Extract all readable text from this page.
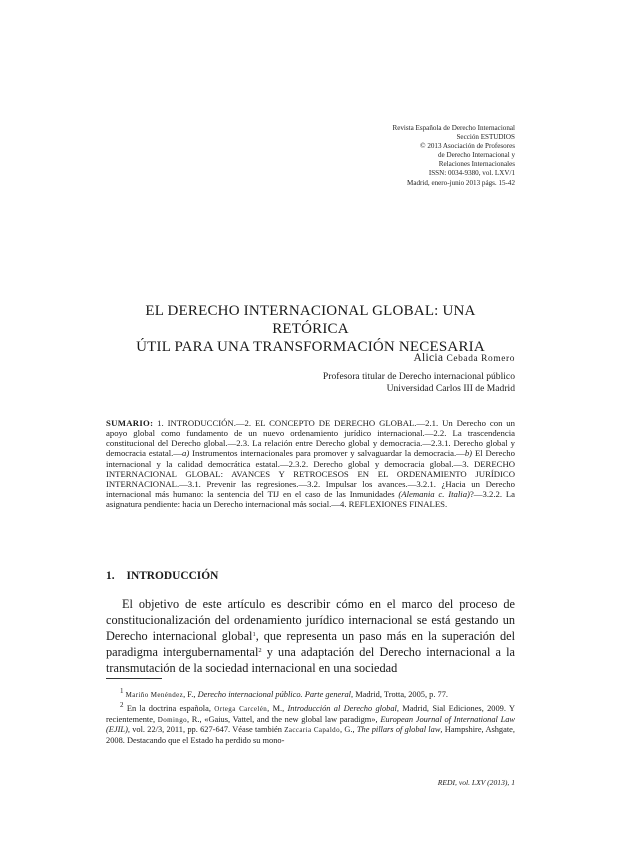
Revista Española de Derecho Internacional
Sección ESTUDIOS
© 2013 Asociación de Profesores
de Derecho Internacional y
Relaciones Internacionales
ISSN: 0034-9380, vol. LXV/1
Madrid, enero-junio 2013 págs. 15-42
EL DERECHO INTERNACIONAL GLOBAL: UNA RETÓRICA
ÚTIL PARA UNA TRANSFORMACIÓN NECESARIA
Alicia Cebada Romero
Profesora titular de Derecho internacional público
Universidad Carlos III de Madrid
SUMARIO: 1. INTRODUCCIÓN.—2. EL CONCEPTO DE DERECHO GLOBAL.—2.1. Un Derecho con un apoyo global como fundamento de un nuevo ordenamiento jurídico internacional.—2.2. La trascendencia constitucional del Derecho global.—2.3. La relación entre Derecho global y democracia.—2.3.1. Derecho global y democracia estatal.—a) Instrumentos internacionales para promover y salvaguardar la democracia.—b) El Derecho internacional y la calidad democrática estatal.—2.3.2. Derecho global y democracia global.—3. DERECHO INTERNACIONAL GLOBAL: AVANCES Y RETROCESOS EN EL ORDENAMIENTO JURÍDICO INTERNACIONAL.—3.1. Prevenir las regresiones.—3.2. Impulsar los avances.—3.2.1. ¿Hacia un Derecho internacional más humano: la sentencia del TIJ en el caso de las Inmunidades (Alemania c. Italia)?—3.2.2. La asignatura pendiente: hacia un Derecho internacional más social.—4. REFLEXIONES FINALES.
1. INTRODUCCIÓN

El objetivo de este artículo es describir cómo en el marco del proceso de constitucionalización del ordenamiento jurídico internacional se está gestando un Derecho internacional global$^1$, que representa un paso más en la superación del paradigma intergubernamental$^2$ y una adaptación del Derecho internacional a la transmutación de la sociedad internacional en una sociedad

$^1$ Mariño Menéndez, F., Derecho internacional público. Parte general, Madrid, Trotta, 2005, p. 77.

$^2$ En la doctrina española, Ortega Carcelén, M., Introducción al Derecho global, Madrid, Sial Ediciones, 2009. Y recientemente, Domingo, R., «Gaius, Vattel, and the new global law paradigm», European Journal of International Law (EJIL), vol. 22/3, 2011, pp. 627-647. Véase también Zaccaria Capaldo, G., The pillars of global law, Hampshire, Ashgate, 2008. Destacando que el Estado ha perdido su mono-

REDI, vol. LXV (2013), 1
